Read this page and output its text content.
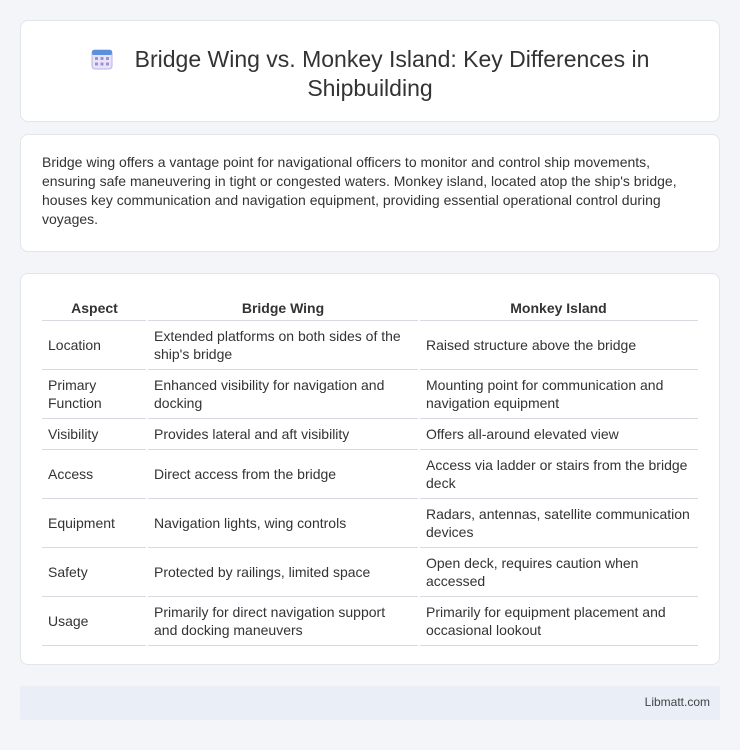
Bridge Wing vs. Monkey Island: Key Differences in
Shipbuilding

Bridge wing offers a vantage point for navigational officers to monitor and control ship movements, ensuring safe maneuvering in tight or congested waters. Monkey island, located atop the ship's bridge, houses key communication and navigation equipment, providing essential operational control during voyages.

Aspect	Bridge Wing	Monkey Island
Location	Extended platforms on both sides of the ship's bridge	Raised structure above the bridge
Primary Function	Enhanced visibility for navigation and docking	Mounting point for communication and navigation equipment
Visibility	Provides lateral and aft visibility	Offers all-around elevated view
Access	Direct access from the bridge	Access via ladder or stairs from the bridge deck
Equipment	Navigation lights, wing controls	Radars, antennas, satellite communication devices
Safety	Protected by railings, limited space	Open deck, requires caution when accessed
Usage	Primarily for direct navigation support and docking maneuvers	Primarily for equipment placement and occasional lookout
Libmatt.com
